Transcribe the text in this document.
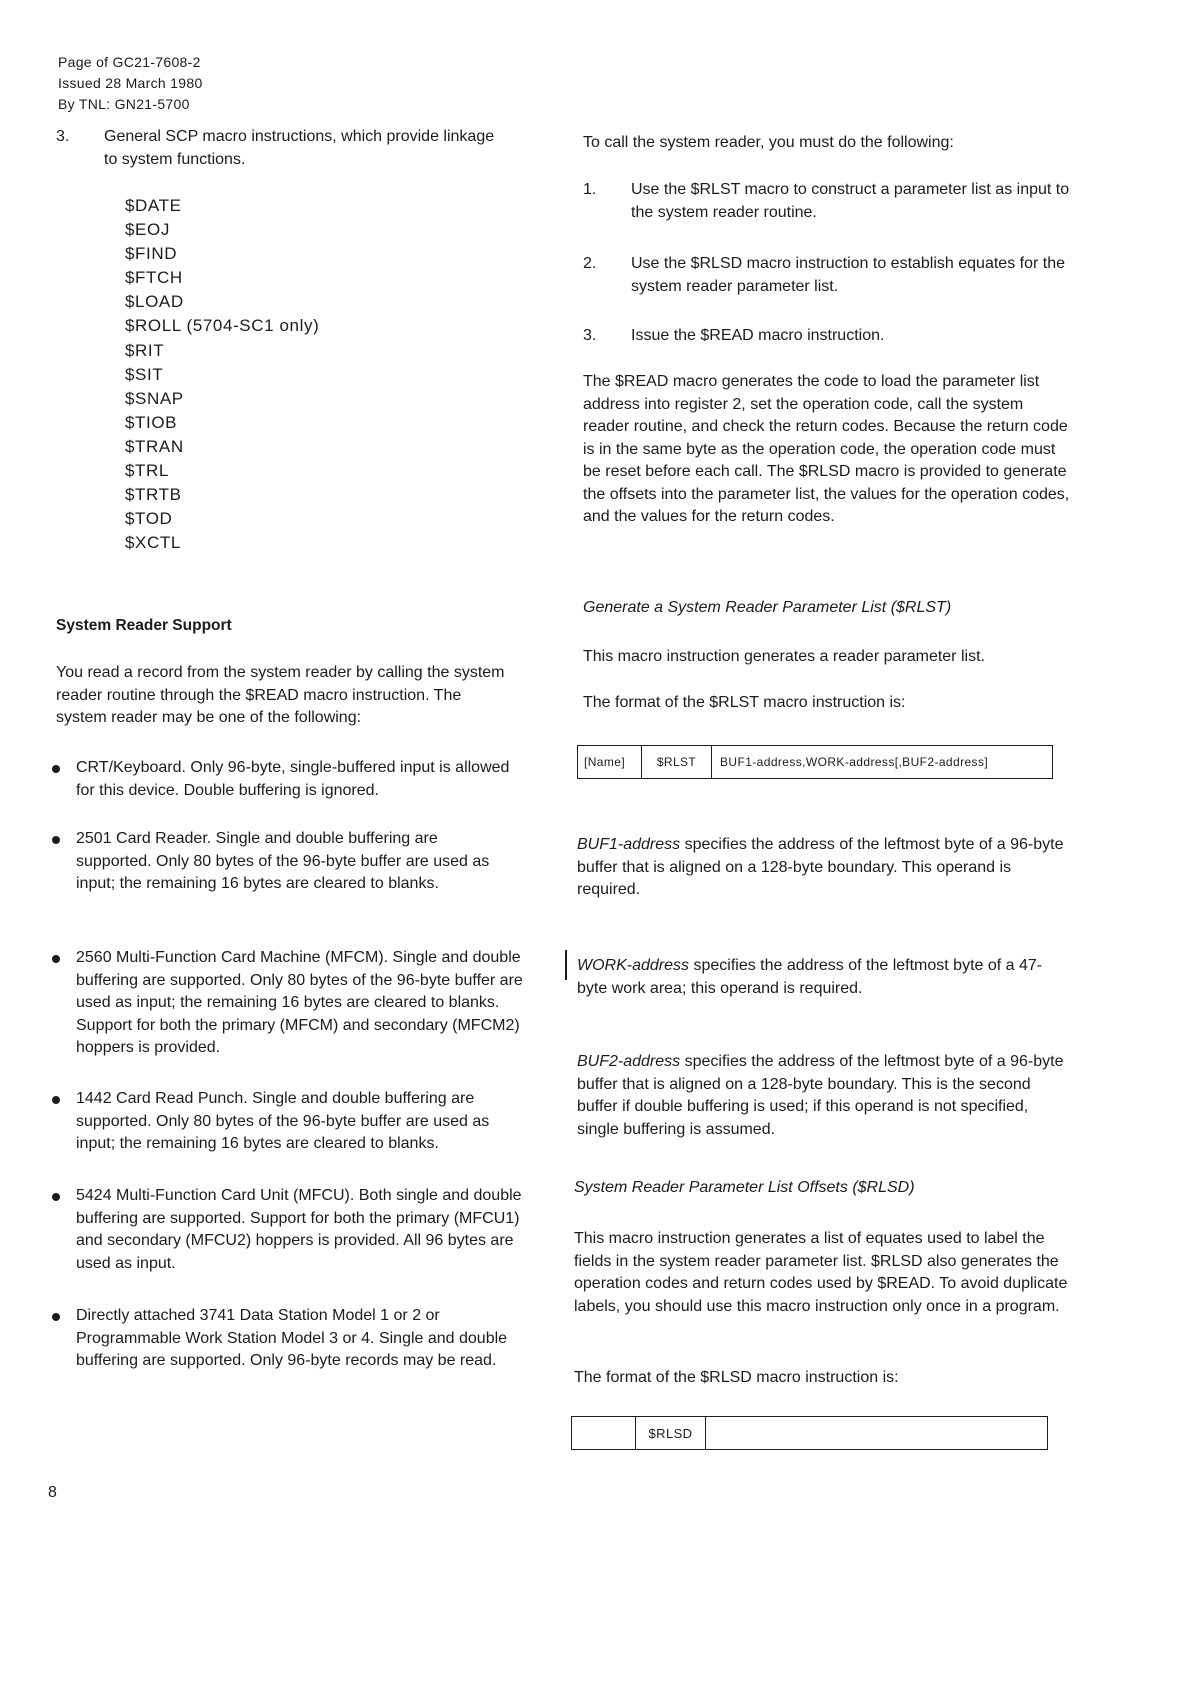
Page of GC21-7608-2
Issued 28 March 1980
By TNL: GN21-5700
3. General SCP macro instructions, which provide linkage to system functions.
$DATE
$EOJ
$FIND
$FTCH
$LOAD
$ROLL (5704-SC1 only)
$RIT
$SIT
$SNAP
$TIOB
$TRAN
$TRL
$TRTB
$TOD
$XCTL
System Reader Support
You read a record from the system reader by calling the system reader routine through the $READ macro instruction. The system reader may be one of the following:
CRT/Keyboard. Only 96-byte, single-buffered input is allowed for this device. Double buffering is ignored.
2501 Card Reader. Single and double buffering are supported. Only 80 bytes of the 96-byte buffer are used as input; the remaining 16 bytes are cleared to blanks.
2560 Multi-Function Card Machine (MFCM). Single and double buffering are supported. Only 80 bytes of the 96-byte buffer are used as input; the remaining 16 bytes are cleared to blanks. Support for both the primary (MFCM) and secondary (MFCM2) hoppers is provided.
1442 Card Read Punch. Single and double buffering are supported. Only 80 bytes of the 96-byte buffer are used as input; the remaining 16 bytes are cleared to blanks.
5424 Multi-Function Card Unit (MFCU). Both single and double buffering are supported. Support for both the primary (MFCU1) and secondary (MFCU2) hoppers is provided. All 96 bytes are used as input.
Directly attached 3741 Data Station Model 1 or 2 or Programmable Work Station Model 3 or 4. Single and double buffering are supported. Only 96-byte records may be read.
8
To call the system reader, you must do the following:
1. Use the $RLST macro to construct a parameter list as input to the system reader routine.
2. Use the $RLSD macro instruction to establish equates for the system reader parameter list.
3. Issue the $READ macro instruction.
The $READ macro generates the code to load the parameter list address into register 2, set the operation code, call the system reader routine, and check the return codes. Because the return code is in the same byte as the operation code, the operation code must be reset before each call. The $RLSD macro is provided to generate the offsets into the parameter list, the values for the operation codes, and the values for the return codes.
Generate a System Reader Parameter List ($RLST)
This macro instruction generates a reader parameter list.
The format of the $RLST macro instruction is:
[Name]	$RLST	BUF1-address,WORK-address[,BUF2-address]
BUF1-address specifies the address of the leftmost byte of a 96-byte buffer that is aligned on a 128-byte boundary. This operand is required.
WORK-address specifies the address of the leftmost byte of a 47-byte work area; this operand is required.
BUF2-address specifies the address of the leftmost byte of a 96-byte buffer that is aligned on a 128-byte boundary. This is the second buffer if double buffering is used; if this operand is not specified, single buffering is assumed.
System Reader Parameter List Offsets ($RLSD)
This macro instruction generates a list of equates used to label the fields in the system reader parameter list. $RLSD also generates the operation codes and return codes used by $READ. To avoid duplicate labels, you should use this macro instruction only once in a program.
The format of the $RLSD macro instruction is:
$RLSD
